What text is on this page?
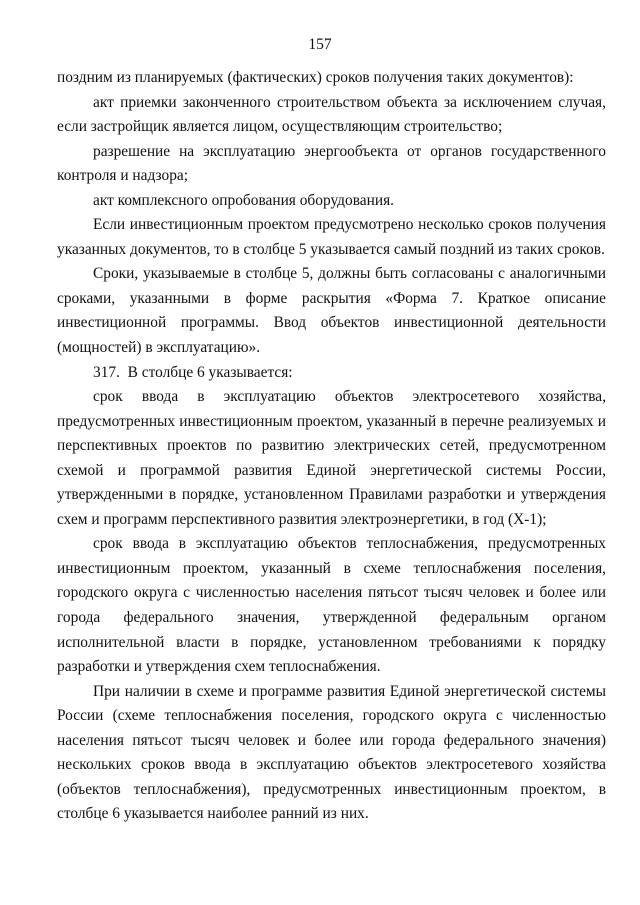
157

поздним из планируемых (фактических) сроков получения таких документов):

акт приемки законченного строительством объекта за исключением случая, если застройщик является лицом, осуществляющим строительство;

разрешение на эксплуатацию энергообъекта от органов государственного контроля и надзора;

акт комплексного опробования оборудования.

Если инвестиционным проектом предусмотрено несколько сроков получения указанных документов, то в столбце 5 указывается самый поздний из таких сроков.

Сроки, указываемые в столбце 5, должны быть согласованы с аналогичными сроками, указанными в форме раскрытия «Форма 7. Краткое описание инвестиционной программы. Ввод объектов инвестиционной деятельности (мощностей) в эксплуатацию».

317.  В столбце 6 указывается:

срок ввода в эксплуатацию объектов электросетевого хозяйства, предусмотренных инвестиционным проектом, указанный в перечне реализуемых и перспективных проектов по развитию электрических сетей, предусмотренном схемой и программой развития Единой энергетической системы России, утвержденными в порядке, установленном Правилами разработки и утверждения схем и программ перспективного развития электроэнергетики, в год (X-1);

срок ввода в эксплуатацию объектов теплоснабжения, предусмотренных инвестиционным проектом, указанный в схеме теплоснабжения поселения, городского округа с численностью населения пятьсот тысяч человек и более или города федерального значения, утвержденной федеральным органом исполнительной власти в порядке, установленном требованиями к порядку разработки и утверждения схем теплоснабжения.

При наличии в схеме и программе развития Единой энергетической системы России (схеме теплоснабжения поселения, городского округа с численностью населения пятьсот тысяч человек и более или города федерального значения) нескольких сроков ввода в эксплуатацию объектов электросетевого хозяйства (объектов теплоснабжения), предусмотренных инвестиционным проектом, в столбце 6 указывается наиболее ранний из них.
